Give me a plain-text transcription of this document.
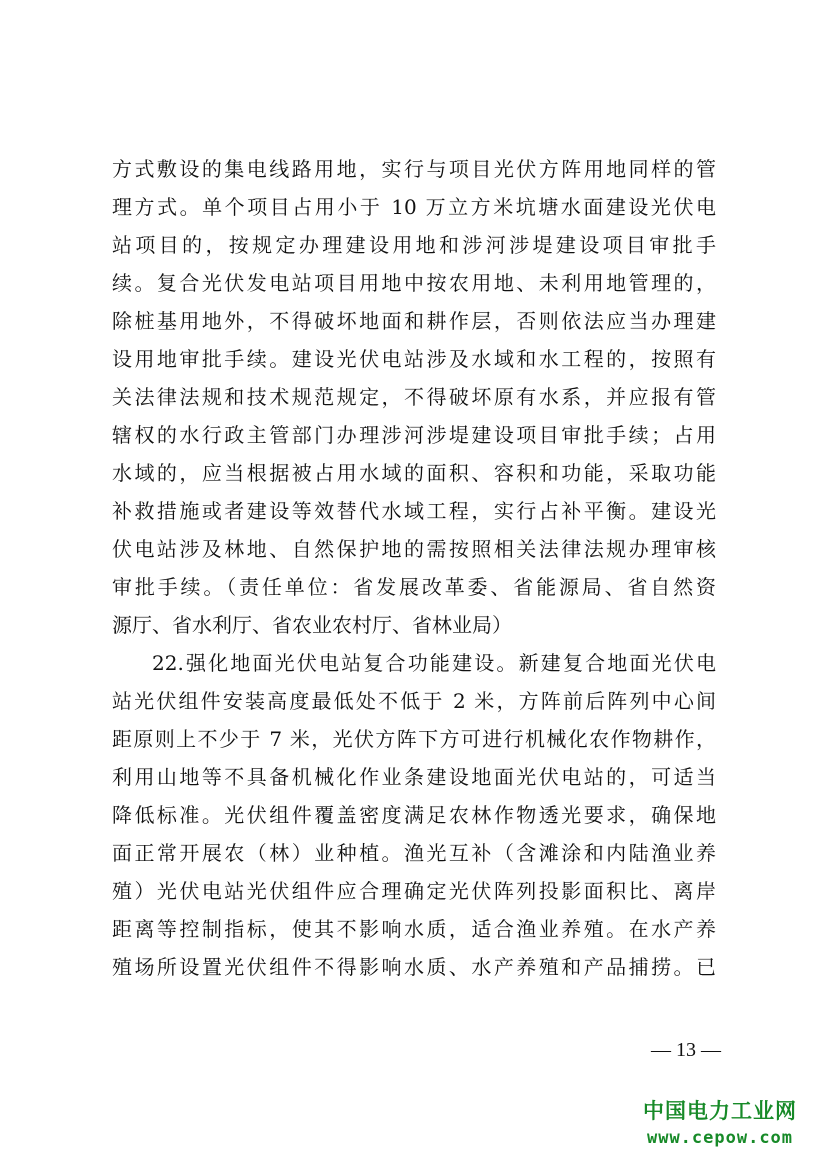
方式敷设的集电线路用地，实行与项目光伏方阵用地同样的管
理方式。单个项目占用小于 10 万立方米坑塘水面建设光伏电
站项目的，按规定办理建设用地和涉河涉堤建设项目审批手
续。复合光伏发电站项目用地中按农用地、未利用地管理的，
除桩基用地外，不得破坏地面和耕作层，否则依法应当办理建
设用地审批手续。建设光伏电站涉及水域和水工程的，按照有
关法律法规和技术规范规定，不得破坏原有水系，并应报有管
辖权的水行政主管部门办理涉河涉堤建设项目审批手续；占用
水域的，应当根据被占用水域的面积、容积和功能，采取功能
补救措施或者建设等效替代水域工程，实行占补平衡。建设光
伏电站涉及林地、自然保护地的需按照相关法律法规办理审核
审批手续。（责任单位：省发展改革委、省能源局、省自然资
源厅、省水利厅、省农业农村厅、省林业局）
22.强化地面光伏电站复合功能建设。新建复合地面光伏电
站光伏组件安装高度最低处不低于 2 米，方阵前后阵列中心间
距原则上不少于 7 米，光伏方阵下方可进行机械化农作物耕作，
利用山地等不具备机械化作业条建设地面光伏电站的，可适当
降低标准。光伏组件覆盖密度满足农林作物透光要求，确保地
面正常开展农（林）业种植。渔光互补（含滩涂和内陆渔业养
殖）光伏电站光伏组件应合理确定光伏阵列投影面积比、离岸
距离等控制指标，使其不影响水质，适合渔业养殖。在水产养
殖场所设置光伏组件不得影响水质、水产养殖和产品捕捞。已
— 13 —
中国电力工业网
www.cepow.com
